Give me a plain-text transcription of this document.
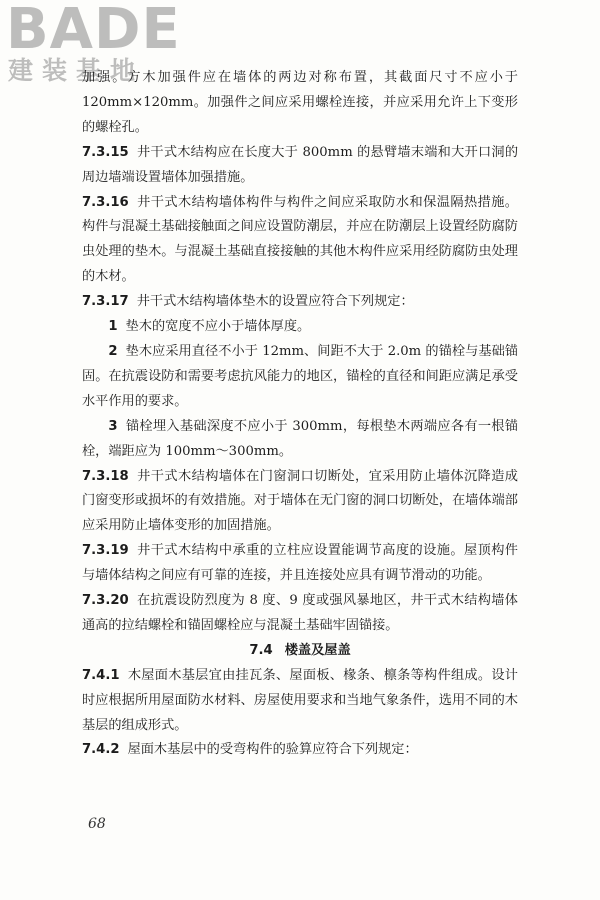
BADE
建装基地

加强。方木加强件应在墙体的两边对称布置，其截面尺寸不应小于 120mm×120mm。加强件之间应采用螺栓连接，并应采用允许上下变形的螺栓孔。

7.3.15 井干式木结构应在长度大于 800mm 的悬臂墙末端和大开口洞的周边墙端设置墙体加强措施。

7.3.16 井干式木结构墙体构件与构件之间应采取防水和保温隔热措施。构件与混凝土基础接触面之间应设置防潮层，并应在防潮层上设置经防腐防虫处理的垫木。与混凝土基础直接接触的其他木构件应采用经防腐防虫处理的木材。

7.3.17 井干式木结构墙体垫木的设置应符合下列规定：

1 垫木的宽度不应小于墙体厚度。

2 垫木应采用直径不小于 12mm、间距不大于 2.0m 的锚栓与基础锚固。在抗震设防和需要考虑抗风能力的地区，锚栓的直径和间距应满足承受水平作用的要求。

3 锚栓埋入基础深度不应小于 300mm，每根垫木两端应各有一根锚栓，端距应为 100mm～300mm。

7.3.18 井干式木结构墙体在门窗洞口切断处，宜采用防止墙体沉降造成门窗变形或损坏的有效措施。对于墙体在无门窗的洞口切断处，在墙体端部应采用防止墙体变形的加固措施。

7.3.19 井干式木结构中承重的立柱应设置能调节高度的设施。屋顶构件与墙体结构之间应有可靠的连接，并且连接处应具有调节滑动的功能。

7.3.20 在抗震设防烈度为 8 度、9 度或强风暴地区，井干式木结构墙体通高的拉结螺栓和锚固螺栓应与混凝土基础牢固锚接。

7.4 楼盖及屋盖

7.4.1 木屋面木基层宜由挂瓦条、屋面板、椽条、檩条等构件组成。设计时应根据所用屋面防水材料、房屋使用要求和当地气象条件，选用不同的木基层的组成形式。

7.4.2 屋面木基层中的受弯构件的验算应符合下列规定：

68
